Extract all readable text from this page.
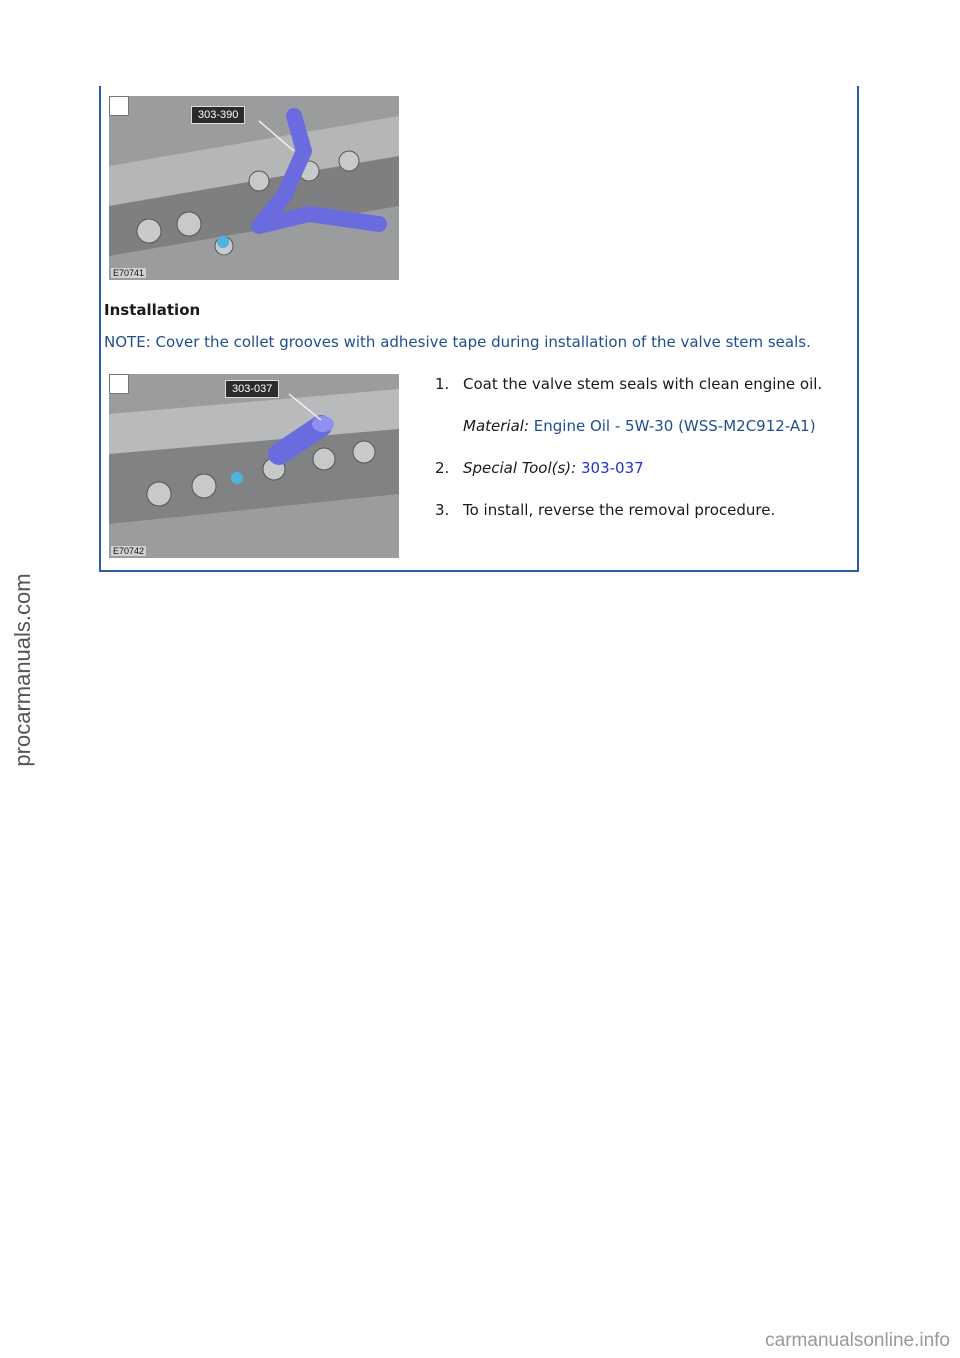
303-390
E70741
Installation
NOTE: Cover the collet grooves with adhesive tape during installation of the valve stem seals.
303-037
E70742
1. Coat the valve stem seals with clean engine oil.
Material: Engine Oil - 5W-30 (WSS-M2C912-A1)
2. Special Tool(s): 303-037
3. To install, reverse the removal procedure.
procarmanuals.com
carmanualsonline.info
